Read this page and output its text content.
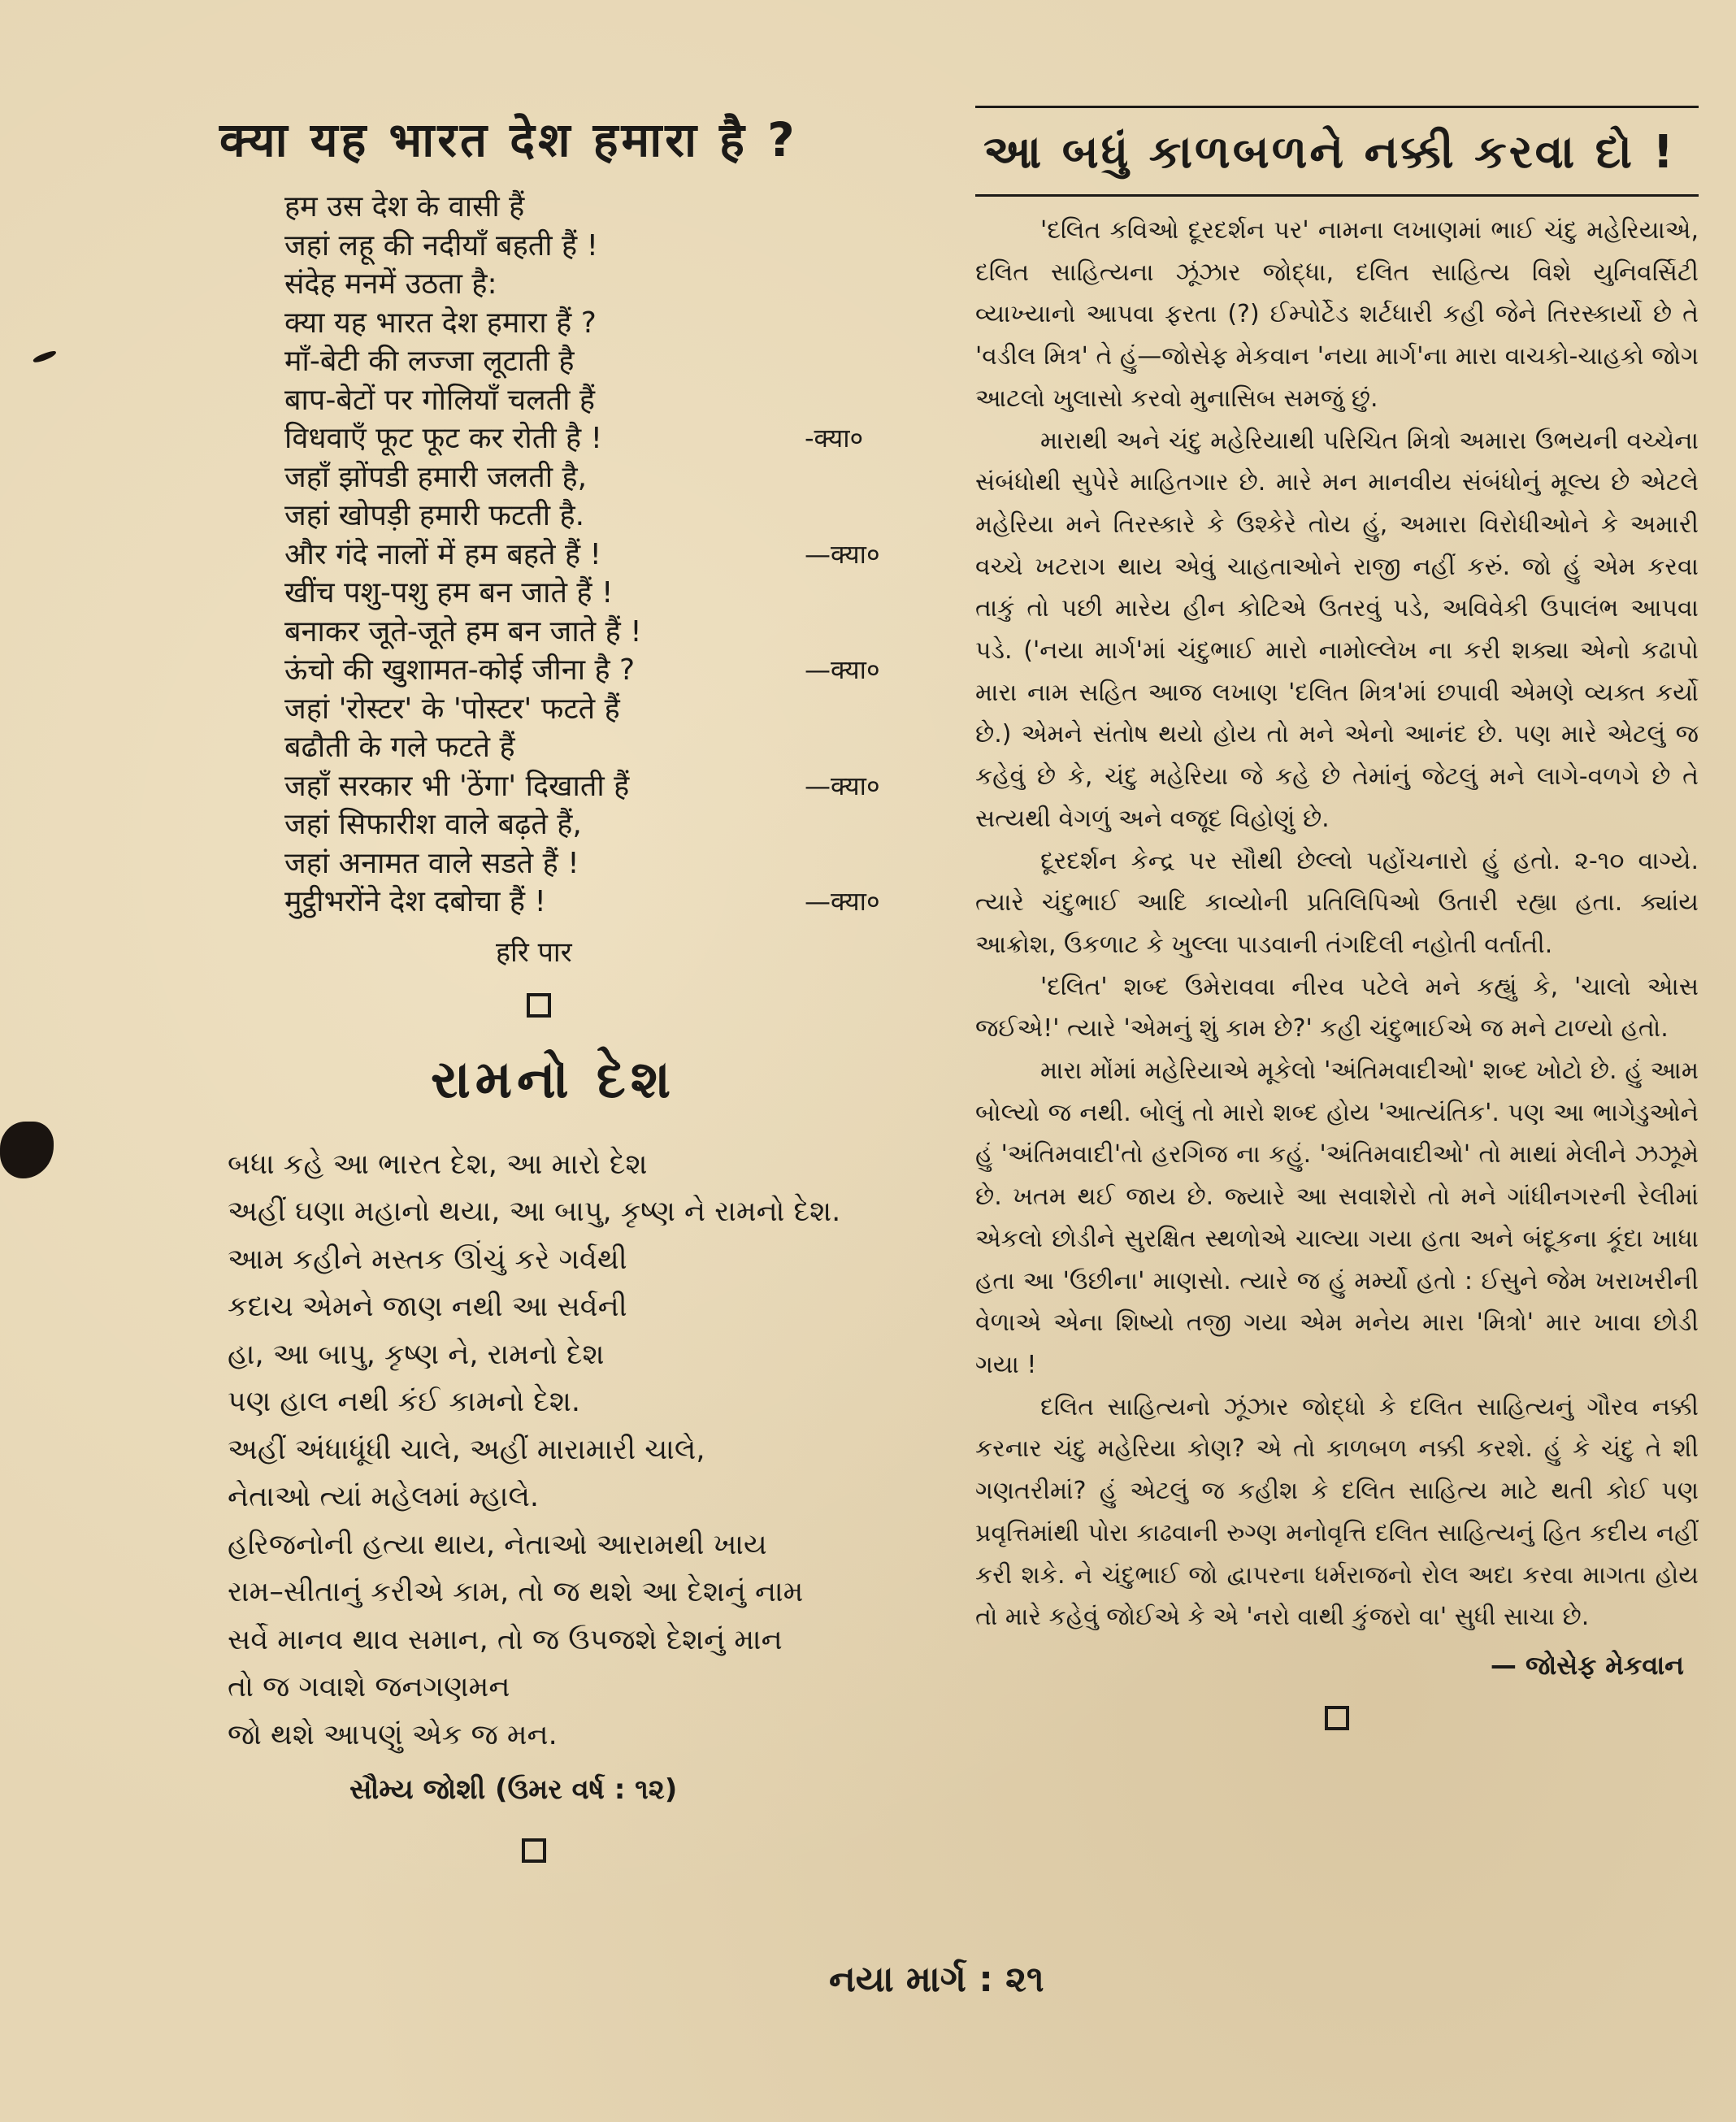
क्या यह भारत देश हमारा है ?
हम उस देश के वासी हैं
जहां लहू की नदीयाँ बहती हैं !
संदेह मनमें उठता है:
क्या यह भारत देश हमारा हैं ?
माँ-बेटी की लज्जा लूटाती है
बाप-बेटों पर गोलियाँ चलती हैं
विधवाएँ फूट फूट कर रोती है !	-क्या०
जहाँ झोंपडी हमारी जलती है,
जहां खोपड़ी हमारी फटती है.
और गंदे नालों में हम बहते हैं !	—क्या०
खींच पशु-पशु हम बन जाते हैं !
बनाकर जूते-जूते हम बन जाते हैं !
ऊंचो की खुशामत-कोई जीना है ?	—क्या०
जहां 'रोस्टर' के 'पोस्टर' फटते हैं
बढौती के गले फटते हैं
जहाँ सरकार भी 'ठेंगा' दिखाती हैं	—क्या०
जहां सिफारीश वाले बढ़ते हैं,
जहां अनामत वाले सडते हैं !
मुट्ठीभरोंने देश दबोचा हैं !	—क्या०
हरि पार
રામનો દેશ
બધા કહે આ ભારત દેશ, આ મારો દેશ
અહીં ઘણા મહાનો થયા, આ બાપુ, કૃષ્ણ ને રામનો દેશ.
આમ કહીને મસ્તક ઊંચું કરે ગર્વથી
કદાચ એમને જાણ નથી આ સર્વની
હા, આ બાપુ, કૃષ્ણ ને, રામનો દેશ
પણ હાલ નથી કંઈ કામનો દેશ.
અહીં અંધાધૂંધી ચાલે, અહીં મારામારી ચાલે,
નેતાઓ ત્યાં મહેલમાં મ્હાલે.
હરિજનોની હત્યા થાય, નેતાઓ આરામથી ખાય
રામ–સીતાનું કરીએ કામ, તો જ થશે આ દેશનું નામ
સર્વે માનવ થાવ સમાન, તો જ ઉપજશે દેશનું માન
તો જ ગવાશે જનગણમન
જો થશે આપણું એક જ મન.
સૌમ્ય જોશી (ઉમર વર્ષ : ૧૨)
આ બધું કાળબળને નક્કી કરવા દો !

'દલિત કવિઓ દૂરદર્શન પર' નામના લખાણમાં ભાઈ ચંદુ મહેરિયાએ, દલિત સાહિત્યના ઝૂંઝાર જોદ્ધા, દલિત સાહિત્ય વિશે યુનિવર્સિટી વ્યાખ્યાનો આપવા ફરતા (?) ઈમ્પોર્ટેડ શર્ટધારી કહી જેને તિરસ્કાર્યો છે તે 'વડીલ મિત્ર' તે હું—જોસેફ મેકવાન 'નયા માર્ગ'ના મારા વાચકો-ચાહકો જોગ આટલો ખુલાસો કરવો મુનાસિબ સમજું છું.

મારાથી અને ચંદુ મહેરિયાથી પરિચિત મિત્રો અમારા ઉભયની વચ્ચેના સંબંધોથી સુપેરે માહિતગાર છે. મારે મન માનવીય સંબંધોનું મૂલ્ય છે એટલે મહેરિયા મને તિરસ્કારે કે ઉશ્કેરે તોય હું, અમારા વિરોધીઓને કે અમારી વચ્ચે ખટરાગ થાય એવું ચાહતાઓને રાજી નહીં કરું. જો હું એમ કરવા તાકું તો પછી મારેય હીન કોટિએ ઉતરવું પડે, અવિવેકી ઉપાલંભ આપવા પડે. ('નયા માર્ગ'માં ચંદુભાઈ મારો નામોલ્લેખ ના કરી શક્યા એનો કઢાપો મારા નામ સહિત આજ લખાણ 'દલિત મિત્ર'માં છપાવી એમણે વ્યક્ત કર્યો છે.) એમને સંતોષ થયો હોય તો મને એનો આનંદ છે. પણ મારે એટલું જ કહેવું છે કે, ચંદુ મહેરિયા જે કહે છે તેમાંનું જેટલું મને લાગે-વળગે છે તે સત્યથી વેગળું અને વજૂદ વિહોણું છે.

દૂરદર્શન કેન્દ્ર પર સૌથી છેલ્લો પહોંચનારો હું હતો. ૨-૧૦ વાગ્યે. ત્યારે ચંદુભાઈ આદિ કાવ્યોની પ્રતિલિપિઓ ઉતારી રહ્યા હતા. ક્યાંય આક્રોશ, ઉકળાટ કે ખુલ્લા પાડવાની તંગદિલી નહોતી વર્તાતી.

'દલિત' શબ્દ ઉમેરાવવા નીરવ પટેલે મને કહ્યું કે, 'ચાલો એાસ જઈએ!' ત્યારે 'એમનું શું કામ છે?' કહી ચંદુભાઈએ જ મને ટાળ્યો હતો.

મારા મોંમાં મહેરિયાએ મૂકેલો 'અંતિમવાદીઓ' શબ્દ ખોટો છે. હું આમ બોલ્યો જ નથી. બોલું તો મારો શબ્દ હોય 'આત્યંતિક'. પણ આ ભાગેડુઓને હું 'અંતિમવાદી'તો હરગિજ ના કહું. 'અંતિમવાદીઓ' તો માથાં મેલીને ઝઝૂમે છે. ખતમ થઈ જાય છે. જ્યારે આ સવાશેરો તો મને ગાંધીનગરની રેલીમાં એકલો છોડીને સુરક્ષિત સ્થળોએ ચાલ્યા ગયા હતા અને બંદૂકના કૂંદા ખાધા હતા આ 'ઉછીના' માણસો. ત્યારે જ હું મર્મ્યો હતો : ઈસુને જેમ ખરાખરીની વેળાએ એના શિષ્યો તજી ગયા એમ મનેય મારા 'મિત્રો' માર ખાવા છોડી ગયા !

દલિત સાહિત્યનો ઝૂંઝાર જોદ્ધો કે દલિત સાહિત્યનું ગૌરવ નક્કી કરનાર ચંદુ મહેરિયા કોણ? એ તો કાળબળ નક્કી કરશે. હું કે ચંદુ તે શી ગણતરીમાં? હું એટલું જ કહીશ કે દલિત સાહિત્ય માટે થતી કોઈ પણ પ્રવૃત્તિમાંથી પોરા કાઢવાની રુગ્ણ મનોવૃત્તિ દલિત સાહિત્યનું હિત કદીય નહીં કરી શકે. ને ચંદુભાઈ જો દ્વાપરના ધર્મરાજનો રોલ અદા કરવા માગતા હોય તો મારે કહેવું જોઈએ કે એ 'નરો વાથી કુંજરો વા' સુધી સાચા છે.

— જોસેફ મેકવાન
નયા માર્ગ : ૨૧
